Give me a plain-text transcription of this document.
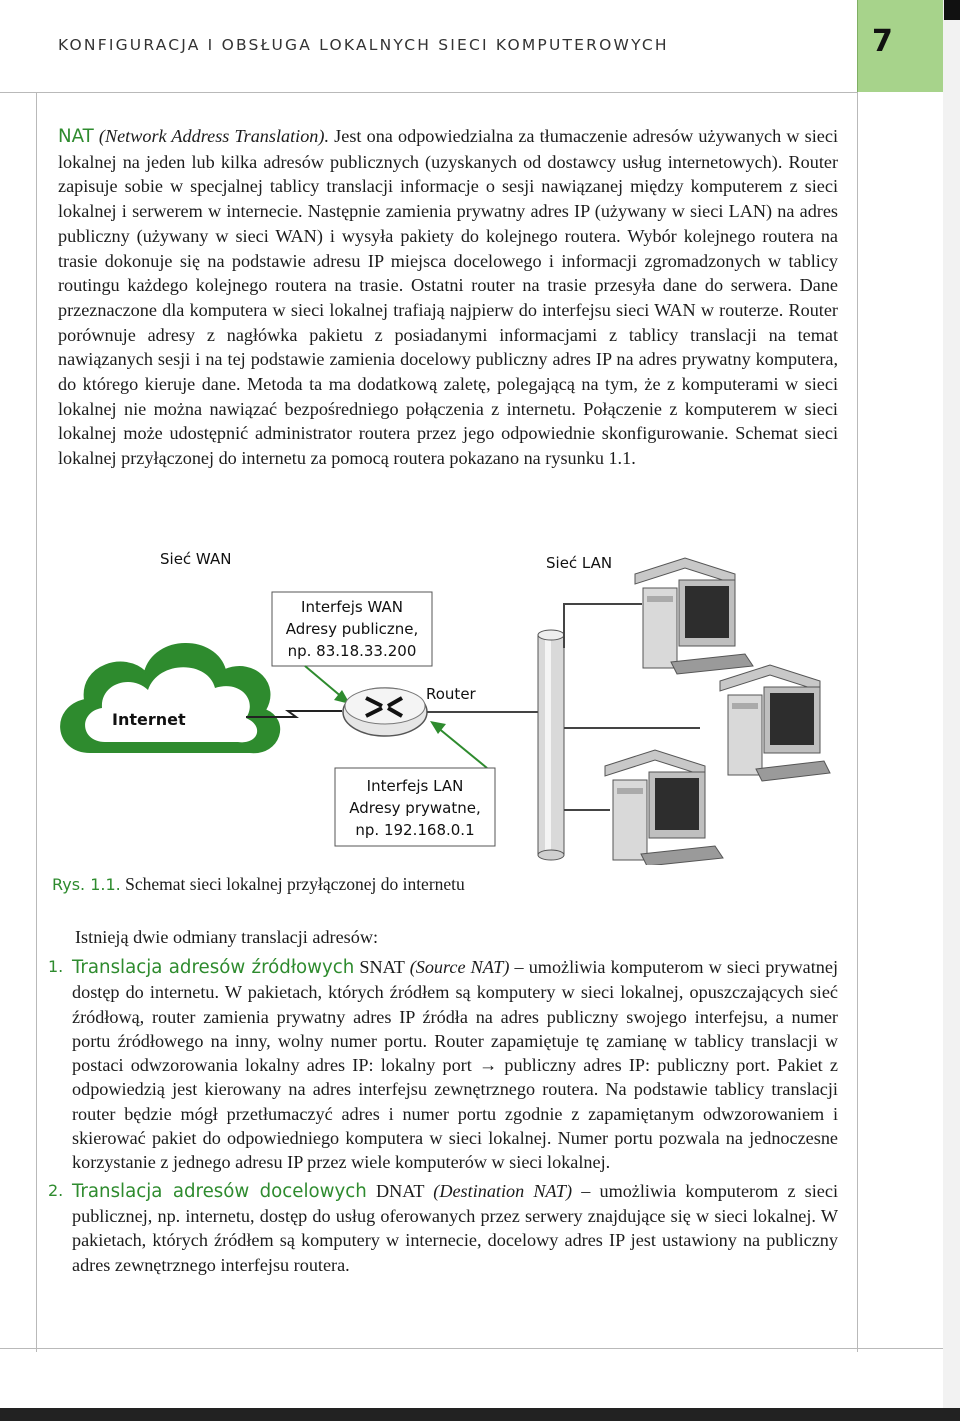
KONFIGURACJA I OBSŁUGA LOKALNYCH SIECI KOMPUTEROWYCH	7
NAT (Network Address Translation). Jest ona odpowiedzialna za tłumaczenie adresów używanych w sieci lokalnej na jeden lub kilka adresów publicznych (uzyskanych od dostawcy usług internetowych). Router zapisuje sobie w specjalnej tablicy translacji informacje o sesji nawiązanej między komputerem z sieci lokalnej i serwerem w internecie. Następnie zamienia prywatny adres IP (używany w sieci LAN) na adres publiczny (używany w sieci WAN) i wysyła pakiety do kolejnego routera. Wybór kolejnego routera na trasie dokonuje się na podstawie adresu IP miejsca docelowego i informacji zgromadzonych w tablicy routingu każdego kolejnego routera na trasie. Ostatni router na trasie przesyła dane do serwera. Dane przeznaczone dla komputera w sieci lokalnej trafiają najpierw do interfejsu sieci WAN w routerze. Router porównuje adresy z nagłówka pakietu z posiadanymi informacjami z tablicy translacji na temat nawiązanych sesji i na tej podstawie zamienia docelowy publiczny adres IP na adres prywatny komputera, do którego kieruje dane. Metoda ta ma dodatkową zaletę, polegającą na tym, że z komputerami w sieci lokalnej nie można nawiązać bezpośredniego połączenia z internetu. Połączenie z komputerem w sieci lokalnej może udostępnić administrator routera przez jego odpowiednie skonfigurowanie. Schemat sieci lokalnej przyłączonej do internetu za pomocą routera pokazano na rysunku 1.1.
Sieć WAN	Sieć LAN
Internet
Interfejs WAN
Adresy publiczne,
np. 83.18.33.200
Router
Interfejs LAN
Adresy prywatne,
np. 192.168.0.1
Rys. 1.1. Schemat sieci lokalnej przyłączonej do internetu
Istnieją dwie odmiany translacji adresów:
1. Translacja adresów źródłowych SNAT (Source NAT) – umożliwia komputerom w sieci prywatnej dostęp do internetu. W pakietach, których źródłem są komputery w sieci lokalnej, opuszczających sieć źródłową, router zamienia prywatny adres IP źródła na adres publiczny swojego interfejsu, a numer portu źródłowego na inny, wolny numer portu. Router zapamiętuje tę zamianę w tablicy translacji w postaci odwzorowania lokalny adres IP: lokalny port → publiczny adres IP: publiczny port. Pakiet z odpowiedzią jest kierowany na adres interfejsu zewnętrznego routera. Na podstawie tablicy translacji router będzie mógł przetłumaczyć adres i numer portu zgodnie z zapamiętanym odwzorowaniem i skierować pakiet do odpowiedniego komputera w sieci lokalnej. Numer portu pozwala na jednoczesne korzystanie z jednego adresu IP przez wiele komputerów w sieci lokalnej.
2. Translacja adresów docelowych DNAT (Destination NAT) – umożliwia komputerom z sieci publicznej, np. internetu, dostęp do usług oferowanych przez serwery znajdujące się w sieci lokalnej. W pakietach, których źródłem są komputery w internecie, docelowy adres IP jest ustawiony na publiczny adres zewnętrznego interfejsu routera.
